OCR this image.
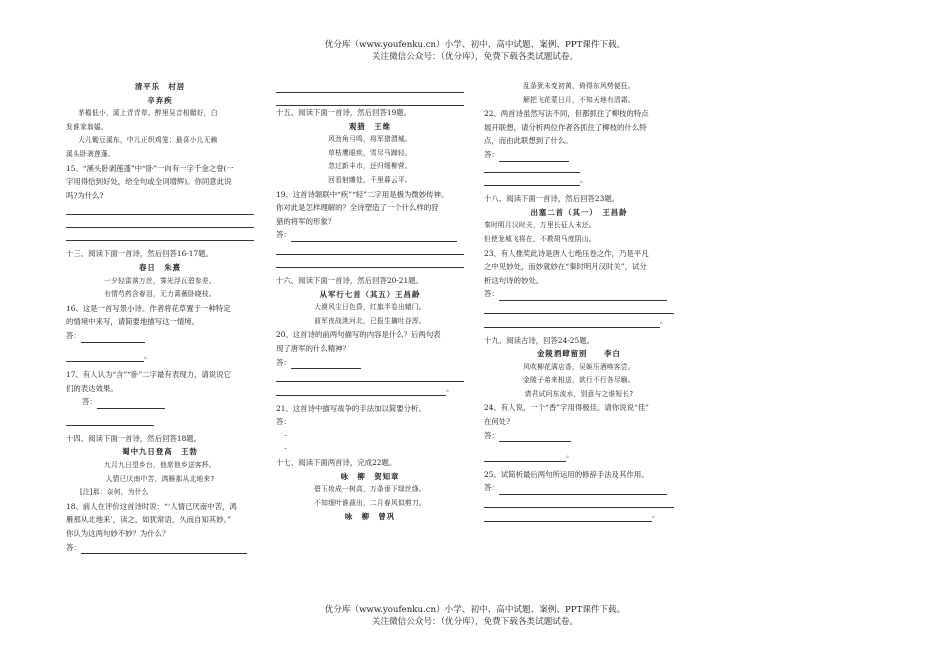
优分库（www.youfenku.cn）小学、初中、高中试题、案例、PPT课件下载。
关注微信公众号：（优分库），免费下载各类试题试卷。

清平乐　村居

辛弃疾

茅檐低小，溪上青青草。醉里吴音相媚好，白

发谁家翁媪。

大儿锄豆溪东，中儿正织鸡笼；最喜小儿无赖

溪头卧剥莲蓬。

15、“溪头卧剥莲蓬”中“卧”一向有一字千金之誉(一

字用得恰到好处，给全句或全词增辉)。你同意此说

吗?为什么?

十三、阅读下面一首诗，然后回答16-17题。

春日　朱熹

一夕轻雷落万丝，霁光浮瓦碧参差。

有情芍药含春泪，无力蔷薇卧晓枝。

16、这是一首写景小诗。作者将花草置于一种特定

的情境中来写，请简要地描写这一情境。

答：
。

17、有人认为“含”“卧”二字最有表现力，请说说它

们的表达效果。

答：

十四、阅读下面一首诗，然后回答18题。

蜀中九日登高　王勃

九月九日望乡台，他席他乡送客杯。

人情已厌南中苦，鸿雁那从北地来?

[注]那：奈何，为什么

18、前人在评价这首诗时说：“‘人情已厌南中苦，鸿

雁那从北地来’，读之，如犹常语，久而自知其妙。”

你认为这两句妙不妙？为什么？

答：

十五、阅读下面一首诗，然后回答19题。

观猎　王维

风劲角弓鸣，将军猎渭城。

草枯鹰眼疾，雪尽马蹄轻。

忽过新丰市，还归细柳营。

回看射雕处，千里暮云平。

19、这首诗颔联中“疾”“轻”二字用是极为微妙传神。

你对此是怎样理解的？全诗塑造了一个什么样的狩

猎的将军的形象？

答：

十六、阅读下面一首诗，然后回答20-21题。

从军行七首（其五）王昌龄

大漠风尘日色昏，红旗半卷出辕门。

前军夜战洮河北，已报生擒吐谷浑。

20、这首诗的前两句描写的内容是什么？后两句表

现了唐军的什么精神？

答：
。

21、这首诗中描写战争的手法加以简要分析。

答：

–

–

十七、阅读下面两首诗，完成22题。

咏　柳　贺知章

碧玉妆成一树高，万条垂下绿丝绦。

不知细叶谁裁出，二月春风似剪刀。

咏　柳　曾巩

乱条犹未变初黄，倚得东风势便狂。

解把飞花蒙日月，不知天地有清霜。

22、两首诗虽然写法不同，但都抓住了柳枝的特点

展开联想，请分析两位作者各抓住了柳枝的什么特

点，而由此联想到了什么。

答：
。

十八、阅读下面一首诗，然后回答23题。

出塞二首（其一）　王昌龄

秦时明月汉时关，万里长征人未还。

但使龙城飞将在，不教胡马度阴山。

23、有人推奖此诗是唐人七绝压卷之作，乃是平凡

之中见妙处，而妙就妙在“秦时明月汉时关”，试分

析这句诗的妙处。

答：
。

十九、阅读古诗，回答24-25题。

金陵酒肆留别　　李白

风吹柳花满店香，吴姬压酒唤客尝。

金陵子弟来相送，欲行不行各尽觞。

请君试问东流水，别意与之谁短长?

24、有人说，一个“香”字用得极佳。请你说说“佳”

在何处?

答：
。

25、试简析最后两句所运用的修辞手法及其作用。

答：
。
优分库（www.youfenku.cn）小学、初中、高中试题、案例、PPT课件下载。
关注微信公众号：（优分库），免费下载各类试题试卷。
